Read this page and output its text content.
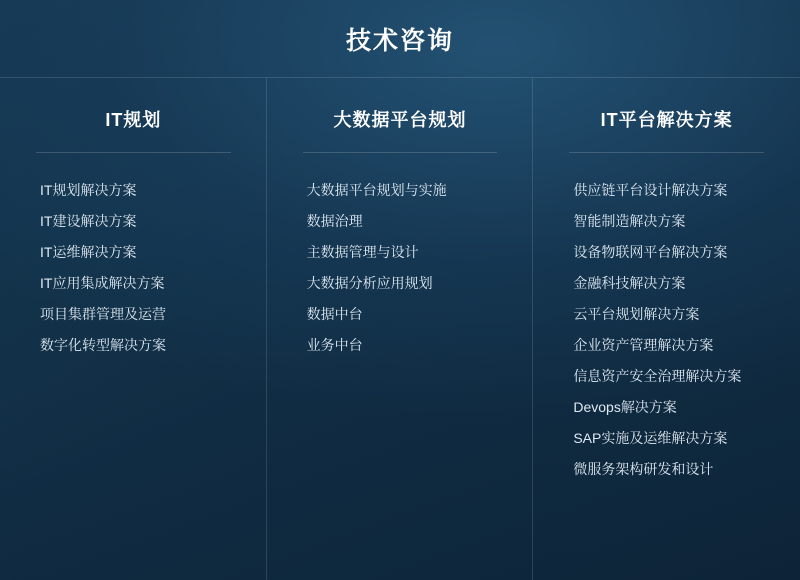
技术咨询
IT规划
IT规划解决方案
IT建设解决方案
IT运维解决方案
IT应用集成解决方案
项目集群管理及运营
数字化转型解决方案
大数据平台规划
大数据平台规划与实施
数据治理
主数据管理与设计
大数据分析应用规划
数据中台
业务中台
IT平台解决方案
供应链平台设计解决方案
智能制造解决方案
设备物联网平台解决方案
金融科技解决方案
云平台规划解决方案
企业资产管理解决方案
信息资产安全治理解决方案
Devops解决方案
SAP实施及运维解决方案
微服务架构研发和设计
